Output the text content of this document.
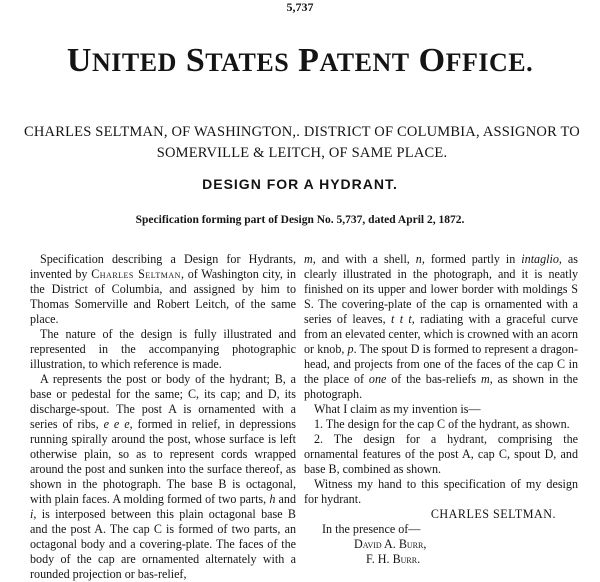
5,737
UNITED STATES PATENT OFFICE.
CHARLES SELTMAN, OF WASHINGTON,. DISTRICT OF COLUMBIA, ASSIGNOR TO SOMERVILLE & LEITCH, OF SAME PLACE.
DESIGN FOR A HYDRANT.
Specification forming part of Design No. 5,737, dated April 2, 1872.

Specification describing a Design for Hydrants, invented by Charles Seltman, of Washington city, in the District of Columbia, and assigned by him to Thomas Somerville and Robert Leitch, of the same place.

The nature of the design is fully illustrated and represented in the accompanying photographic illustration, to which reference is made.

A represents the post or body of the hydrant; B, a base or pedestal for the same; C, its cap; and D, its discharge-spout. The post A is ornamented with a series of ribs, e e e, formed in relief, in depressions running spirally around the post, whose surface is left otherwise plain, so as to represent cords wrapped around the post and sunken into the surface thereof, as shown in the photograph. The base B is octagonal, with plain faces. A molding formed of two parts, h and i, is interposed between this plain octagonal base B and the post A. The cap C is formed of two parts, an octagonal body and a covering-plate. The faces of the body of the cap are ornamented alternately with a rounded projection or bas-relief,

m, and with a shell, n, formed partly in intaglio, as clearly illustrated in the photograph, and it is neatly finished on its upper and lower border with moldings S S. The covering-plate of the cap is ornamented with a series of leaves, t t t, radiating with a graceful curve from an elevated center, which is crowned with an acorn or knob, p. The spout D is formed to represent a dragon-head, and projects from one of the faces of the cap C in the place of one of the bas-reliefs m, as shown in the photograph.

What I claim as my invention is—

1. The design for the cap C of the hydrant, as shown.

2. The design for a hydrant, comprising the ornamental features of the post A, cap C, spout D, and base B, combined as shown.

Witness my hand to this specification of my design for hydrant.

CHARLES SELTMAN.

In the presence of—

David A. Burr,

F. H. Burr.
